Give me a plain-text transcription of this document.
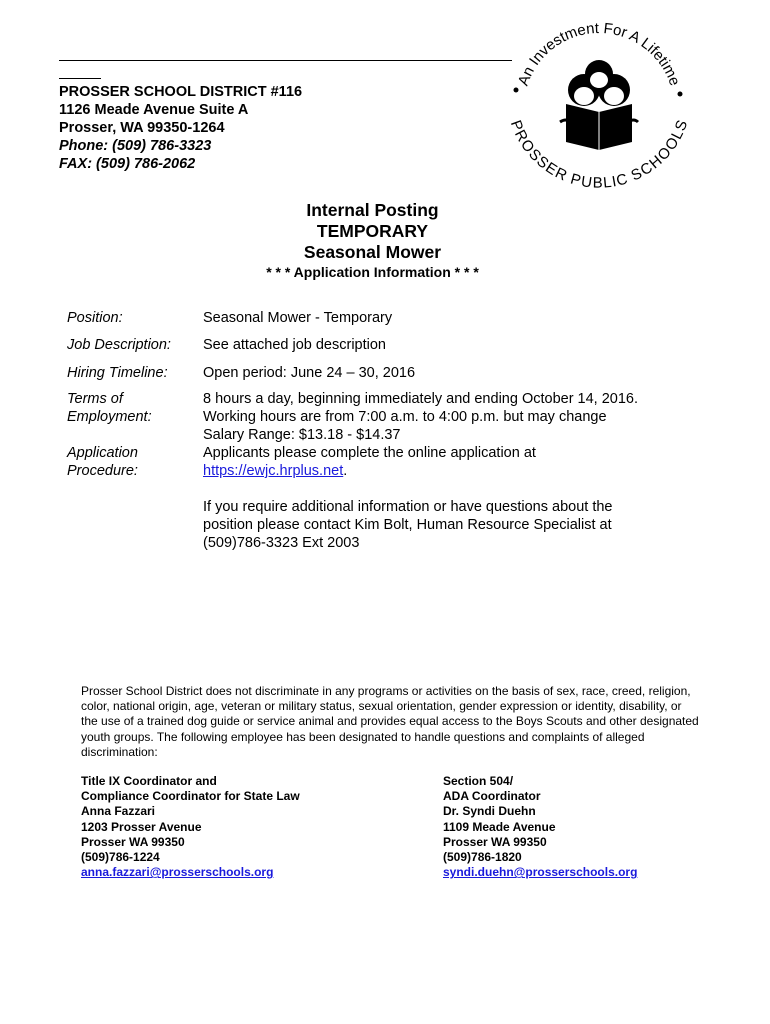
PROSSER SCHOOL DISTRICT #116
1126 Meade Avenue Suite A
Prosser, WA 99350-1264
Phone: (509) 786-3323
FAX: (509) 786-2062
An Investment For A Lifetime
PROSSER PUBLIC SCHOOLS
Internal Posting
TEMPORARY
Seasonal Mower
* * * Application Information * * *
Position:	Seasonal Mower - Temporary
Job Description: See attached job description
Hiring Timeline: Open period: June 24 – 30, 2016
Terms of
Employment:
8 hours a day, beginning immediately and ending October 14, 2016.
Working hours are from 7:00 a.m. to 4:00 p.m. but may change
Salary Range: $13.18 - $14.37
Applicants please complete the online application at
https://ewjc.hrplus.net.
Application
Procedure:
If you require additional information or have questions about the
position please contact Kim Bolt, Human Resource Specialist at
(509)786-3323 Ext 2003
Prosser School District does not discriminate in any programs or activities on the basis of sex, race, creed, religion, color, national origin, age, veteran or military status, sexual orientation, gender expression or identity, disability, or the use of a trained dog guide or service animal and provides equal access to the Boys Scouts and other designated youth groups. The following employee has been designated to handle questions and complaints of alleged discrimination:
Title IX Coordinator and
Compliance Coordinator for State Law
Anna Fazzari
1203 Prosser Avenue
Prosser WA 99350
(509)786-1224
anna.fazzari@prosserschools.org
Section 504/
ADA Coordinator
Dr. Syndi Duehn
1109 Meade Avenue
Prosser WA 99350
(509)786-1820
syndi.duehn@prosserschools.org
